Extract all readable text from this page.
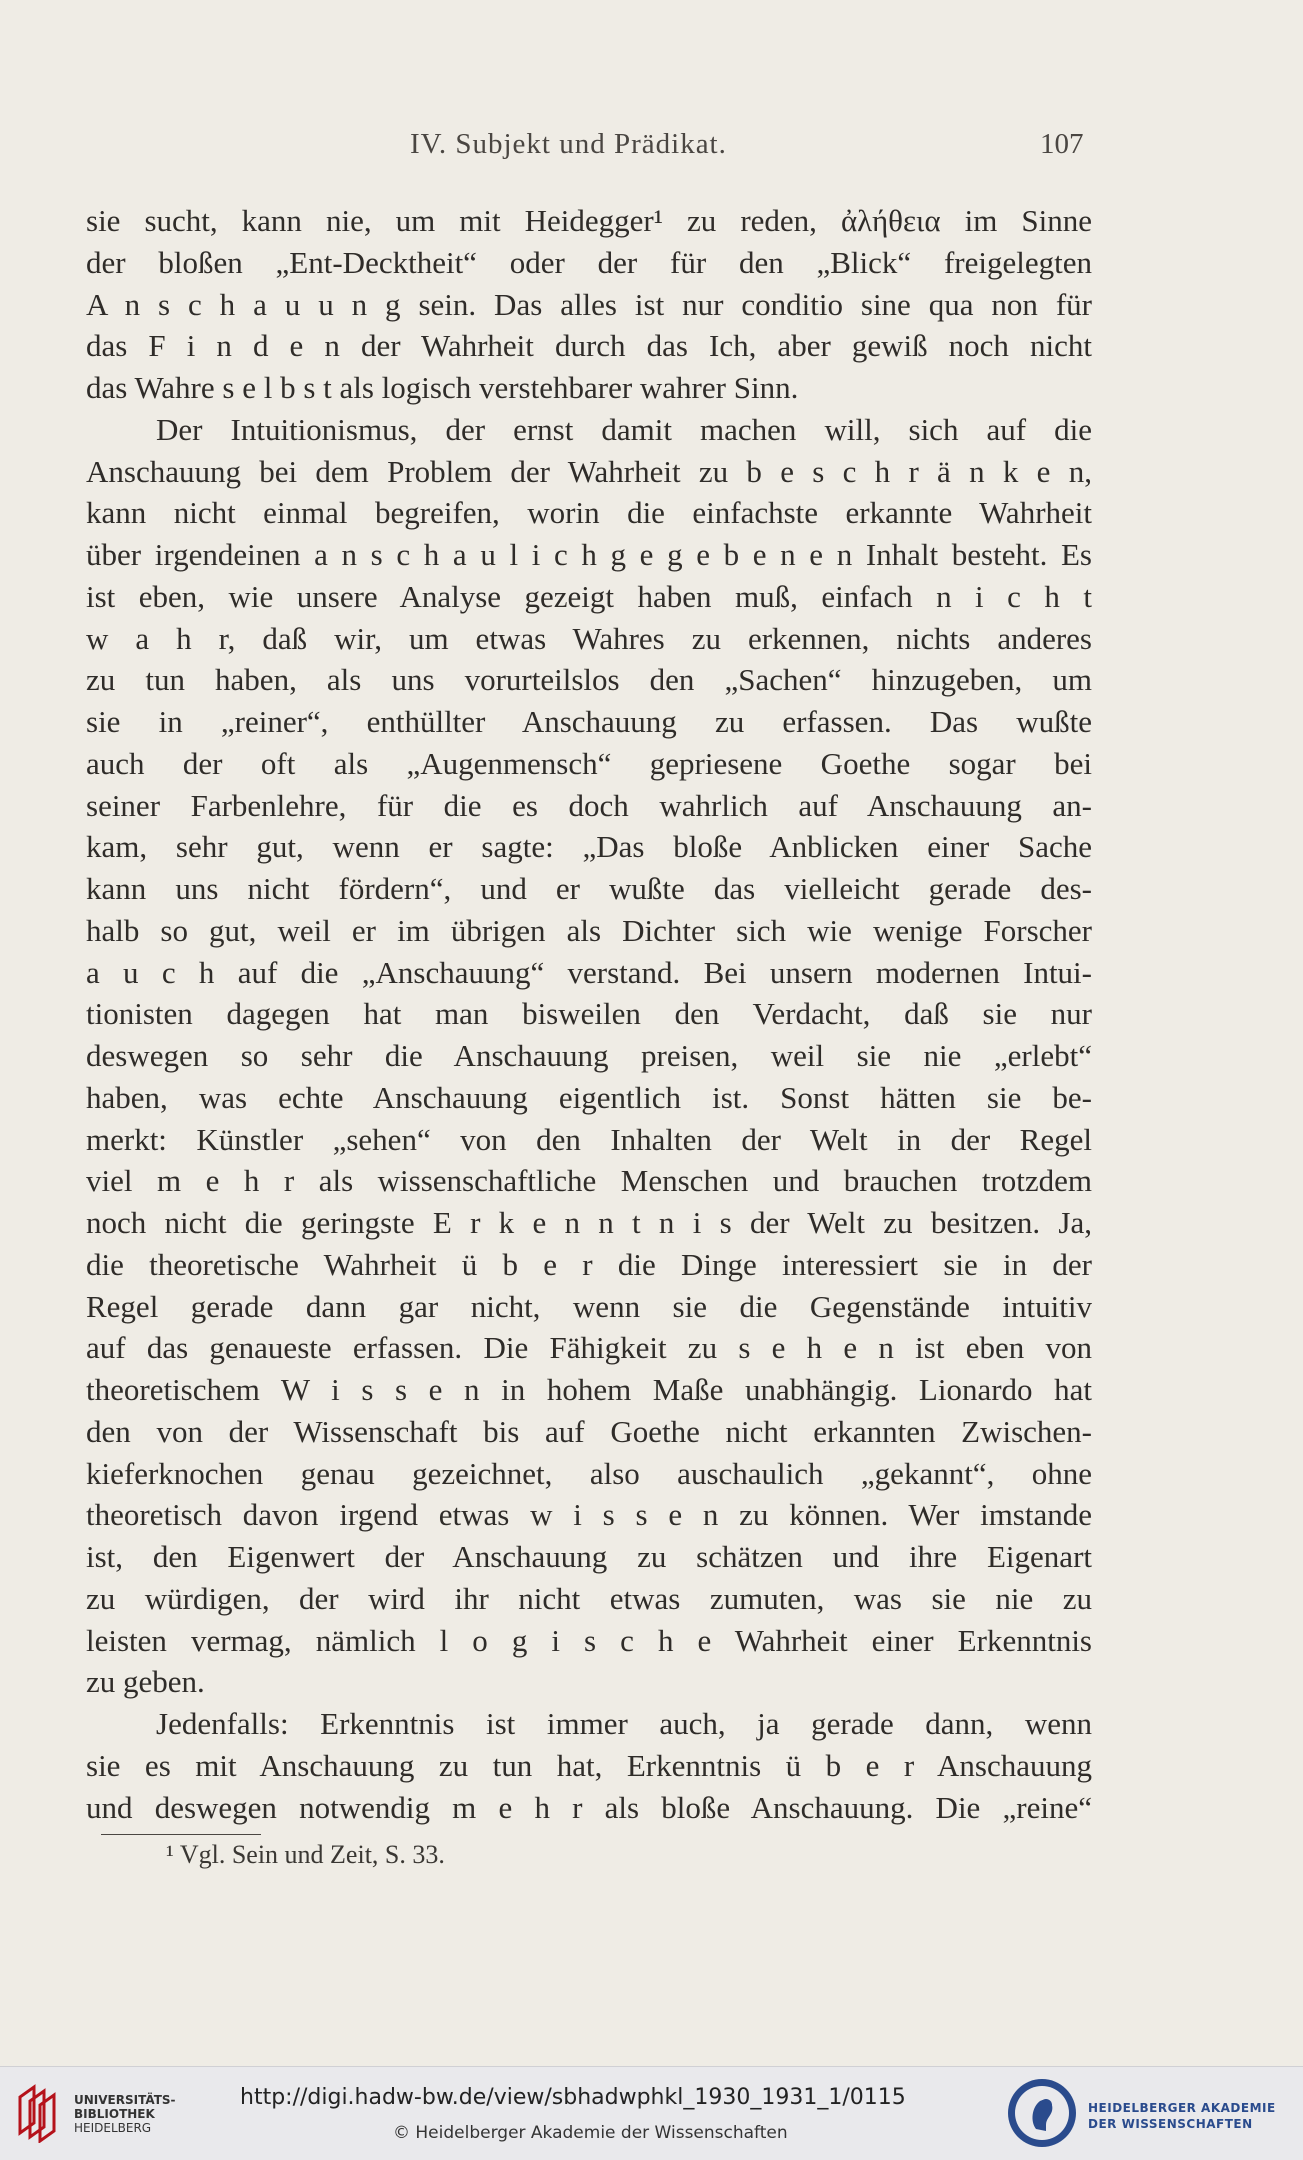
IV. Subjekt und Prädikat.	107
sie sucht, kann nie, um mit Heidegger¹ zu reden, ἀλήθεια im Sinne
der bloßen „Ent-Decktheit“ oder der für den „Blick“ freigelegten
A n s c h a u u n g sein. Das alles ist nur conditio sine qua non für
das F i n d e n der Wahrheit durch das Ich, aber gewiß noch nicht
das Wahre s e l b s t als logisch verstehbarer wahrer Sinn.
Der Intuitionismus, der ernst damit machen will, sich auf die
Anschauung bei dem Problem der Wahrheit zu b e s c h r ä n k e n,
kann nicht einmal begreifen, worin die einfachste erkannte Wahrheit
über irgendeinen a n s c h a u l i c h g e g e b e n e n Inhalt besteht. Es
ist eben, wie unsere Analyse gezeigt haben muß, einfach n i c h t
w a h r, daß wir, um etwas Wahres zu erkennen, nichts anderes
zu tun haben, als uns vorurteilslos den „Sachen“ hinzugeben, um
sie in „reiner“, enthüllter Anschauung zu erfassen. Das wußte
auch der oft als „Augenmensch“ gepriesene Goethe sogar bei
seiner Farbenlehre, für die es doch wahrlich auf Anschauung an-
kam, sehr gut, wenn er sagte: „Das bloße Anblicken einer Sache
kann uns nicht fördern“, und er wußte das vielleicht gerade des-
halb so gut, weil er im übrigen als Dichter sich wie wenige Forscher
a u c h auf die „Anschauung“ verstand. Bei unsern modernen Intui-
tionisten dagegen hat man bisweilen den Verdacht, daß sie nur
deswegen so sehr die Anschauung preisen, weil sie nie „erlebt“
haben, was echte Anschauung eigentlich ist. Sonst hätten sie be-
merkt: Künstler „sehen“ von den Inhalten der Welt in der Regel
viel m e h r als wissenschaftliche Menschen und brauchen trotzdem
noch nicht die geringste E r k e n n t n i s der Welt zu besitzen. Ja,
die theoretische Wahrheit ü b e r die Dinge interessiert sie in der
Regel gerade dann gar nicht, wenn sie die Gegenstände intuitiv
auf das genaueste erfassen. Die Fähigkeit zu s e h e n ist eben von
theoretischem W i s s e n in hohem Maße unabhängig. Lionardo hat
den von der Wissenschaft bis auf Goethe nicht erkannten Zwischen-
kieferknochen genau gezeichnet, also auschaulich „gekannt“, ohne
theoretisch davon irgend etwas w i s s e n zu können. Wer imstande
ist, den Eigenwert der Anschauung zu schätzen und ihre Eigenart
zu würdigen, der wird ihr nicht etwas zumuten, was sie nie zu
leisten vermag, nämlich l o g i s c h e Wahrheit einer Erkenntnis
zu geben.
Jedenfalls: Erkenntnis ist immer auch, ja gerade dann, wenn
sie es mit Anschauung zu tun hat, Erkenntnis ü b e r Anschauung
und deswegen notwendig m e h r als bloße Anschauung. Die „reine“
¹ Vgl. Sein und Zeit, S. 33.
UNIVERSITÄTS-
BIBLIOTHEK
HEIDELBERG
http://digi.hadw-bw.de/view/sbhadwphkl_1930_1931_1/0115
© Heidelberger Akademie der Wissenschaften
HEIDELBERGER AKADEMIE
DER WISSENSCHAFTEN
